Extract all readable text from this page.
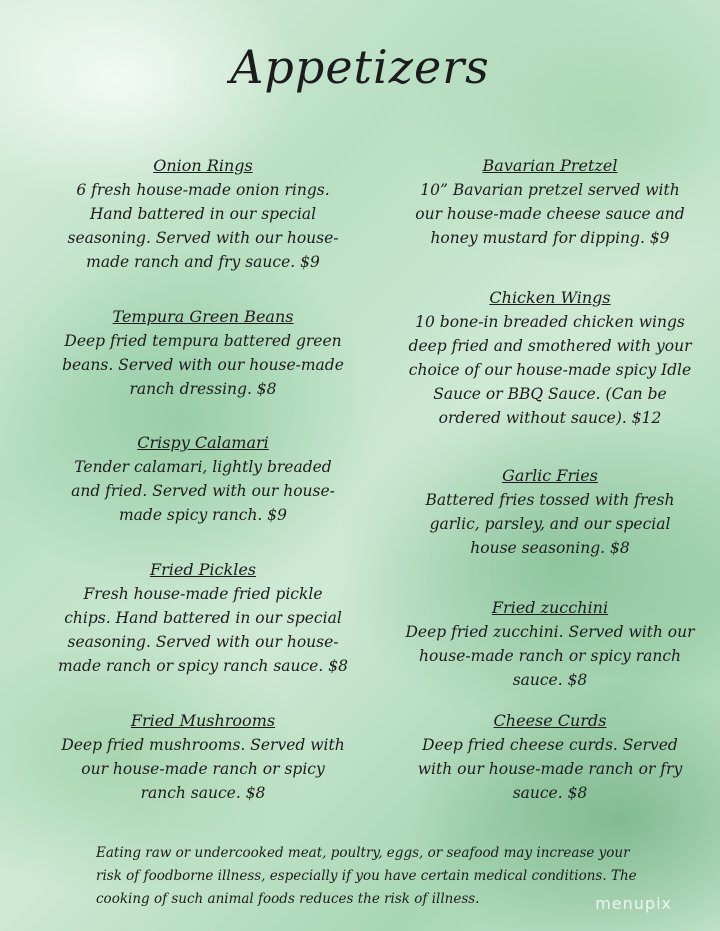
Appetizers
Onion Rings
6 fresh house-made onion rings. Hand battered in our special seasoning. Served with our house-made ranch and fry sauce. $9
Tempura Green Beans
Deep fried tempura battered green beans. Served with our house-made ranch dressing. $8
Crispy Calamari
Tender calamari, lightly breaded and fried. Served with our house-made spicy ranch. $9
Fried Pickles
Fresh house-made fried pickle chips. Hand battered in our special seasoning. Served with our house-made ranch or spicy ranch sauce. $8
Fried Mushrooms
Deep fried mushrooms. Served with our house-made ranch or spicy ranch sauce. $8
Bavarian Pretzel
10” Bavarian pretzel served with our house-made cheese sauce and honey mustard for dipping. $9
Chicken Wings
10 bone-in breaded chicken wings deep fried and smothered with your choice of our house-made spicy Idle Sauce or BBQ Sauce. (Can be ordered without sauce). $12
Garlic Fries
Battered fries tossed with fresh garlic, parsley, and our special house seasoning. $8
Fried zucchini
Deep fried zucchini. Served with our house-made ranch or spicy ranch sauce. $8
Cheese Curds
Deep fried cheese curds. Served with our house-made ranch or fry sauce. $8
Eating raw or undercooked meat, poultry, eggs, or seafood may increase your risk of foodborne illness, especially if you have certain medical conditions. The cooking of such animal foods reduces the risk of illness.	menupix
